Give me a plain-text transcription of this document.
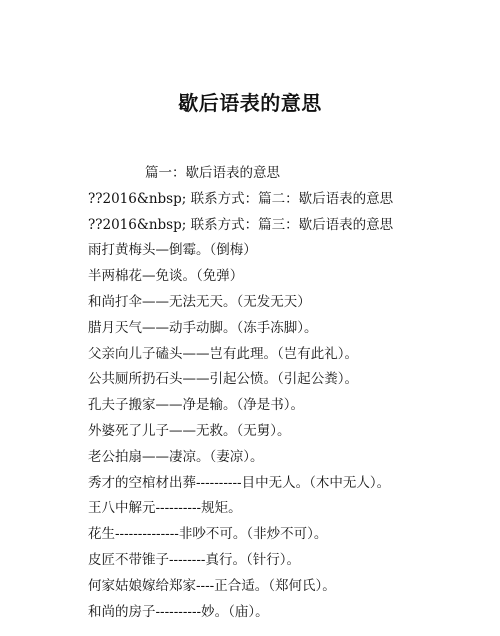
歇后语表的意思
篇一：歇后语表的意思
??2016&nbsp; 联系方式：篇二：歇后语表的意思
??2016&nbsp; 联系方式：篇三：歇后语表的意思
雨打黄梅头—倒霉。（倒梅）
半两棉花—免谈。（免弹）
和尚打伞——无法无天。（无发无天）
腊月天气——动手动脚。（冻手冻脚）。
父亲向儿子磕头——岂有此理。（岂有此礼）。
公共厕所扔石头——引起公愤。（引起公粪）。
孔夫子搬家——净是输。（净是书）。
外婆死了儿子——无救。（无舅）。
老公拍扇——凄凉。（妻凉）。
秀才的空棺材出葬----------目中无人。（木中无人）。
王八中解元----------规矩。
花生--------------非吵不可。（非炒不可）。
皮匠不带锥子--------真行。（针行）。
何家姑娘嫁给郑家----正合适。（郑何氏）。
和尚的房子----------妙。（庙）。
